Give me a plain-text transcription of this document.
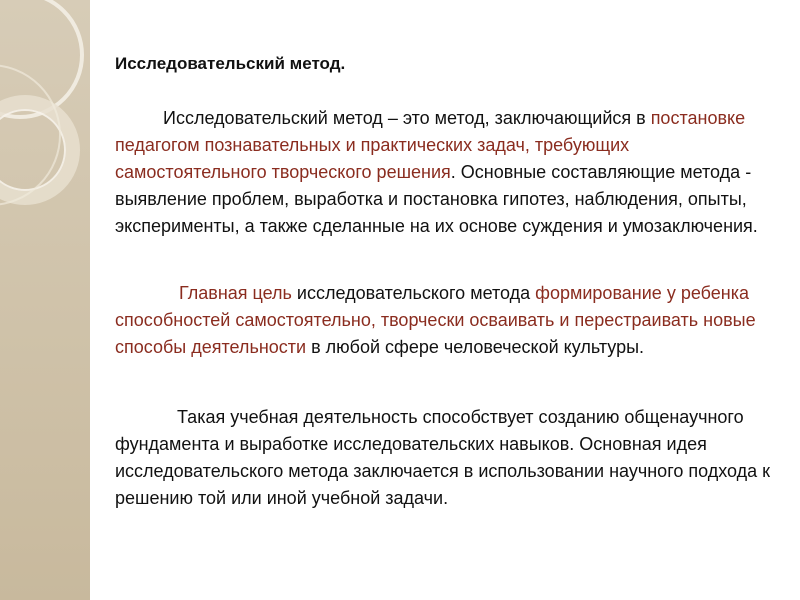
Исследовательский метод.

Исследовательский метод – это метод, заключающийся в постановке педагогом познавательных и практических задач, требующих самостоятельного творческого решения. Основные составляющие метода - выявление проблем, выработка и постановка гипотез, наблюдения, опыты, эксперименты, а также сделанные на их основе суждения и умозаключения.

Главная цель исследовательского метода формирование у ребенка способностей самостоятельно, творчески осваивать и перестраивать новые способы деятельности в любой сфере человеческой культуры.

Такая учебная деятельность способствует созданию общенаучного фундамента и выработке исследовательских навыков. Основная идея исследовательского метода заключается в использовании научного подхода к решению той или иной учебной задачи.
